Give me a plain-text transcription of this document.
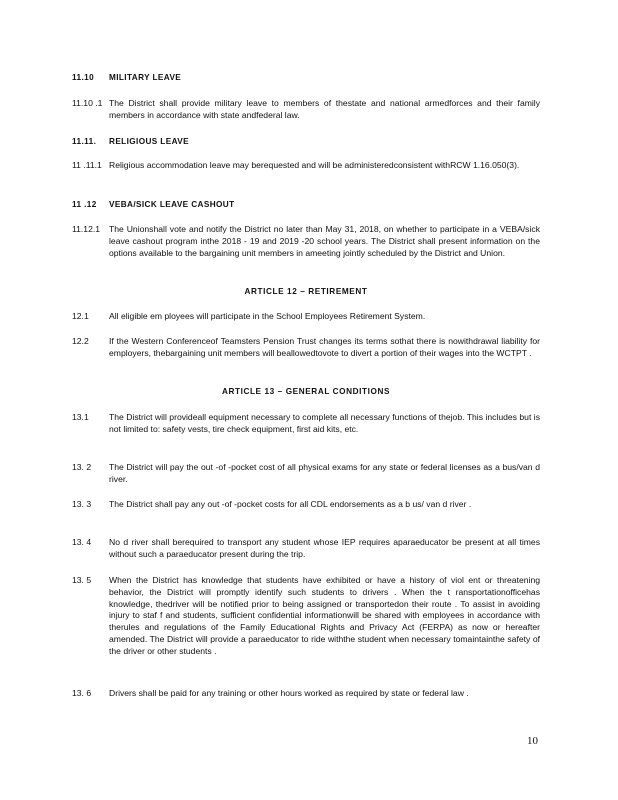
11.10	MILITARY LEAVE
11.10 .1 The District shall provide military leave to members of thestate and national armedforces and their family members in accordance with state andfederal law.
11.11.	RELIGIOUS LEAVE
11 .11.1 Religious accommodation leave may berequested and will be administeredconsistent withRCW 1.16.050(3).
11 .12	VEBA/SICK LEAVE CASHOUT
11.12.1	The Unionshall vote and notify the District no later than May 31, 2018, on whether to participate in a VEBA/sick leave cashout program inthe 2018 - 19 and 2019 -20 school years. The District shall present information on the options available to the bargaining unit members in ameeting jointly scheduled by the District and Union.
ARTICLE 12 – RETIREMENT
12.1	All eligible em ployees will participate in the School Employees Retirement System.
12.2	If the Western Conferenceof Teamsters Pension Trust changes its terms sothat there is nowithdrawal liability for employers, thebargaining unit members will beallowedtovote to divert a portion of their wages into the WCTPT .
ARTICLE 13 – GENERAL CONDITIONS
13.1	The District will provideall equipment necessary to complete all necessary functions of thejob. This includes but is not limited to: safety vests, tire check equipment, first aid kits, etc.
13. 2	The District will pay the out -of -pocket cost of all physical exams for any state or federal licenses as a bus/van d river.
13. 3	The District shall pay any out -of -pocket costs for all CDL endorsements as a b us/ van d river .
13. 4	No d river shall berequired to transport any student whose IEP requires aparaeducator be present at all times without such a paraeducator present during the trip.
13. 5	When the District has knowledge that students have exhibited or have a history of viol ent or threatening behavior, the District will promptly identify such students to drivers . When the t ransportationofficehas knowledge, thedriver will be notified prior to being assigned or transportedon their route . To assist in avoiding injury to staf f and students, sufficient confidential informationwill be shared with employees in accordance with therules and regulations of the Family Educational Rights and Privacy Act (FERPA) as now or hereafter amended. The District will provide a paraeducator to ride withthe student when necessary tomaintainthe safety of the driver or other students .
13. 6	Drivers shall be paid for any training or other hours worked as required by state or federal law .
10
